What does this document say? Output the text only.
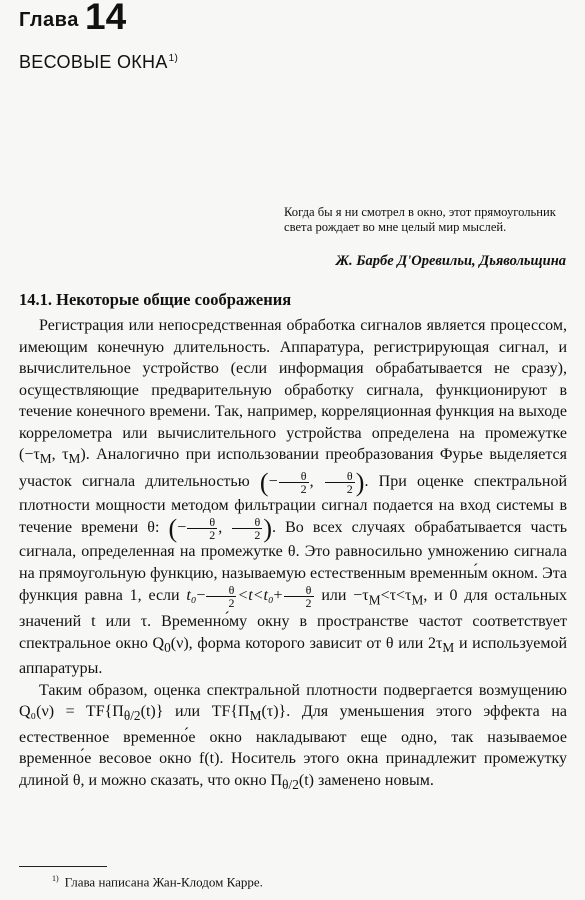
Глава 14
ВЕСОВЫЕ ОКНА$^{1)}$
Когда бы я ни смотрел в окно, этот прямоугольник света рождает во мне целый мир мыслей.
Ж. Барбе Д'Оревильи, Дьявольщина
14.1. Некоторые общие соображения

Регистрация или непосредственная обработка сигналов является процессом, имеющим конечную длительность. Аппаратура, регистрирующая сигнал, и вычислительное устройство (если информация обрабатывается не сразу), осуществляющие предварительную обработку сигнала, функционируют в течение конечного времени. Так, например, корреляционная функция на выходе коррелометра или вычислительного устройства определена на промежутке ($-\tau_M$, $\tau_M$). Аналогично при использовании преобразования Фурье выделяется участок сигнала длительностью (− $\frac{\theta}{2}$ , $\frac{\theta}{2}$ ). При оценке спектральной плотности мощности методом фильтрации сигнал подается на вход системы в течение времени θ: (− $\frac{\theta}{2}$ , $\frac{\theta}{2}$ ). Во всех случаях обрабатывается часть сигнала, определенная на промежутке θ. Это равносильно умножению сигнала на прямоугольную функцию, называемую естественным временны́м окном. Эта функция равна 1, если $t_0- \frac{\theta}{2} <t<t_0+ \frac{\theta}{2}$ или $-\tau_M<\tau<\tau_M$, и 0 для остальных значений t или τ. Временно́му окну в пространстве частот соответствует спектральное окно $Q_0(\nu)$, форма которого зависит от θ или $2\tau_M$ и используемой аппаратуры.

Таким образом, оценка спектральной плотности подвергается возмущению $Q_0(\nu) = TF\{\Pi_{\theta/2}(t)\}$ или $TF\{\Pi_M(\tau)\}$. Для уменьшения этого эффекта на естественное временно́е окно накладывают еще одно, так называемое временно́е весовое окно f(t). Носитель этого окна принадлежит промежутку длиной θ, и можно сказать, что окно $\Pi_{\theta/2}(t)$ заменено новым.

$^{1)}$ Глава написана Жан-Клодом Карре.
